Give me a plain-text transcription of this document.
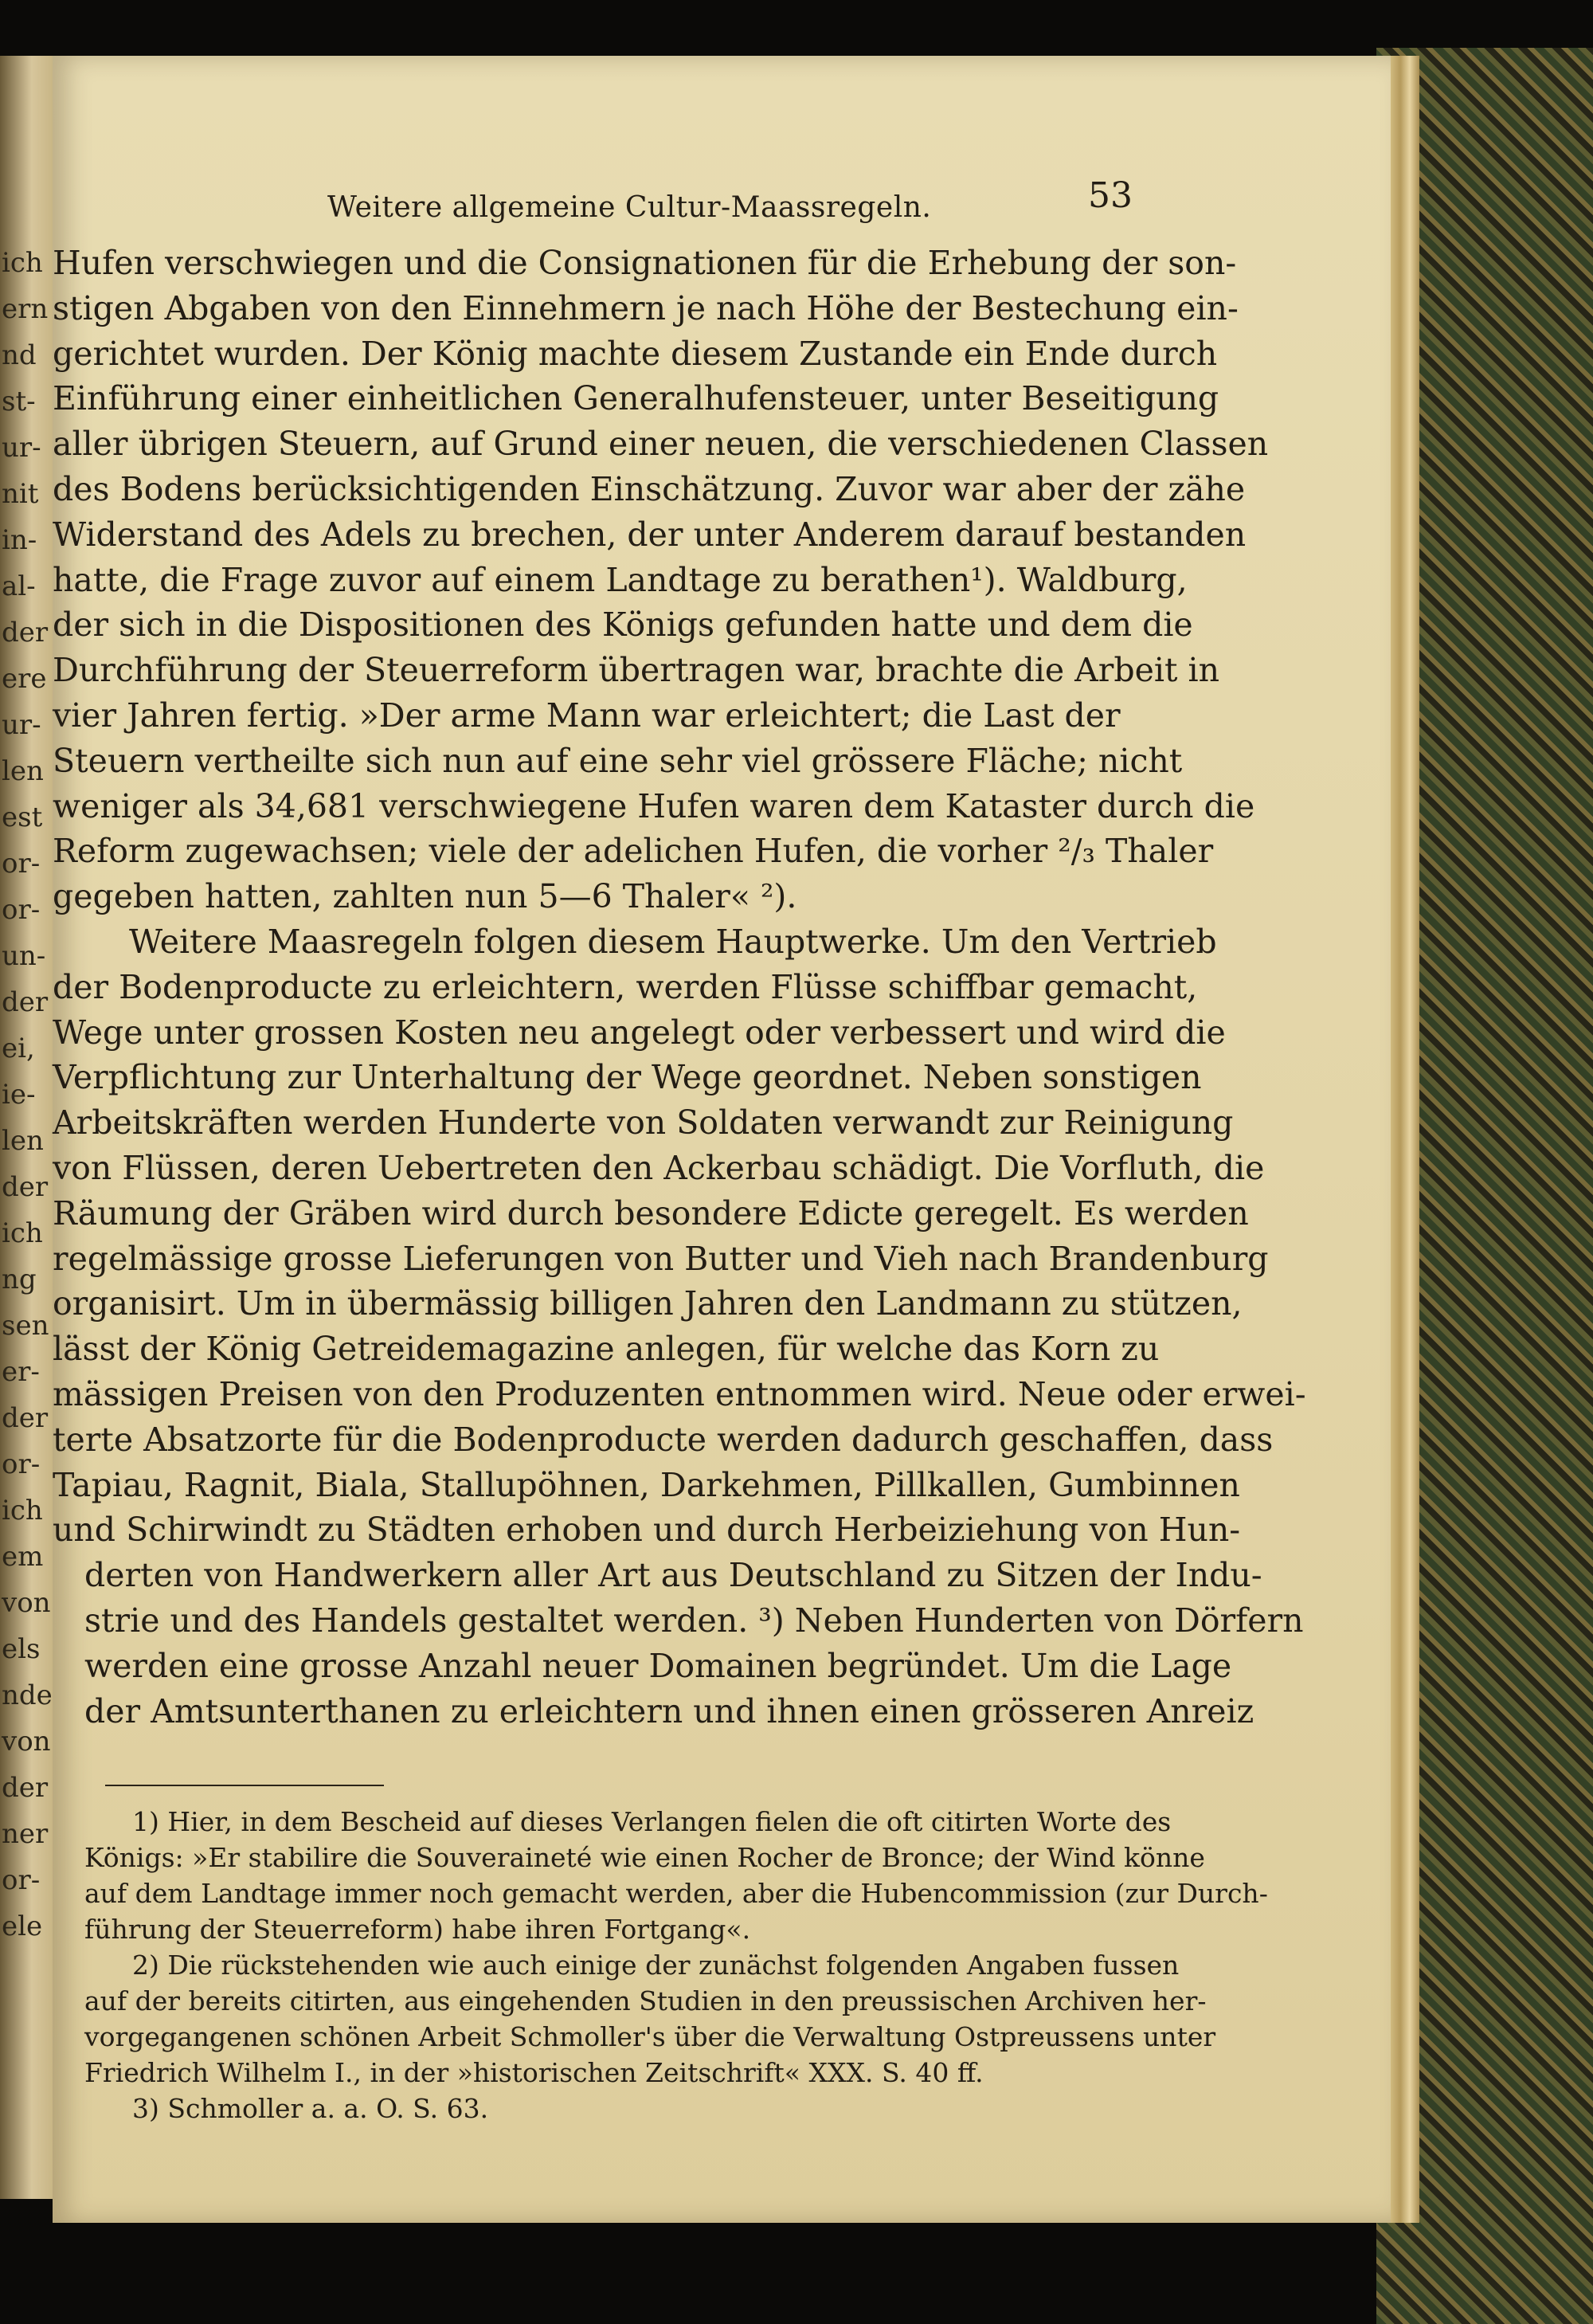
ich
ern
nd
st-
ur-
nit
in-
al-
der
ere
ur-
len
est
or-
or-
un-
der
ei,
ie-
len
der
ich
ng
sen
er-
der
or-
ich
em
von
els
nde
von
der
ner
or-
ele
Weitere allgemeine Cultur-Maassregeln.	53
Hufen verschwiegen und die Consignationen für die Erhebung der son-
stigen Abgaben von den Einnehmern je nach Höhe der Bestechung ein-
gerichtet wurden. Der König machte diesem Zustande ein Ende durch
Einführung einer einheitlichen Generalhufensteuer, unter Beseitigung
aller übrigen Steuern, auf Grund einer neuen, die verschiedenen Classen
des Bodens berücksichtigenden Einschätzung. Zuvor war aber der zähe
Widerstand des Adels zu brechen, der unter Anderem darauf bestanden
hatte, die Frage zuvor auf einem Landtage zu berathen¹). Waldburg,
der sich in die Dispositionen des Königs gefunden hatte und dem die
Durchführung der Steuerreform übertragen war, brachte die Arbeit in
vier Jahren fertig. »Der arme Mann war erleichtert; die Last der
Steuern vertheilte sich nun auf eine sehr viel grössere Fläche; nicht
weniger als 34,681 verschwiegene Hufen waren dem Kataster durch die
Reform zugewachsen; viele der adelichen Hufen, die vorher ²/₃ Thaler
gegeben hatten, zahlten nun 5—6 Thaler« ²).
Weitere Maasregeln folgen diesem Hauptwerke. Um den Vertrieb
der Bodenproducte zu erleichtern, werden Flüsse schiffbar gemacht,
Wege unter grossen Kosten neu angelegt oder verbessert und wird die
Verpflichtung zur Unterhaltung der Wege geordnet. Neben sonstigen
Arbeitskräften werden Hunderte von Soldaten verwandt zur Reinigung
von Flüssen, deren Uebertreten den Ackerbau schädigt. Die Vorfluth, die
Räumung der Gräben wird durch besondere Edicte geregelt. Es werden
regelmässige grosse Lieferungen von Butter und Vieh nach Brandenburg
organisirt. Um in übermässig billigen Jahren den Landmann zu stützen,
lässt der König Getreidemagazine anlegen, für welche das Korn zu
mässigen Preisen von den Produzenten entnommen wird. Neue oder erwei-
terte Absatzorte für die Bodenproducte werden dadurch geschaffen, dass
Tapiau, Ragnit, Biala, Stallupöhnen, Darkehmen, Pillkallen, Gumbinnen
und Schirwindt zu Städten erhoben und durch Herbeiziehung von Hun-
derten von Handwerkern aller Art aus Deutschland zu Sitzen der Indu-
strie und des Handels gestaltet werden. ³) Neben Hunderten von Dörfern
werden eine grosse Anzahl neuer Domainen begründet. Um die Lage
der Amtsunterthanen zu erleichtern und ihnen einen grösseren Anreiz
1) Hier, in dem Bescheid auf dieses Verlangen fielen die oft citirten Worte des
Königs: »Er stabilire die Souveraineté wie einen Rocher de Bronce; der Wind könne
auf dem Landtage immer noch gemacht werden, aber die Hubencommission (zur Durch-
führung der Steuerreform) habe ihren Fortgang«.
2) Die rückstehenden wie auch einige der zunächst folgenden Angaben fussen
auf der bereits citirten, aus eingehenden Studien in den preussischen Archiven her-
vorgegangenen schönen Arbeit Schmoller's über die Verwaltung Ostpreussens unter
Friedrich Wilhelm I., in der »historischen Zeitschrift« XXX. S. 40 ff.
3) Schmoller a. a. O. S. 63.
